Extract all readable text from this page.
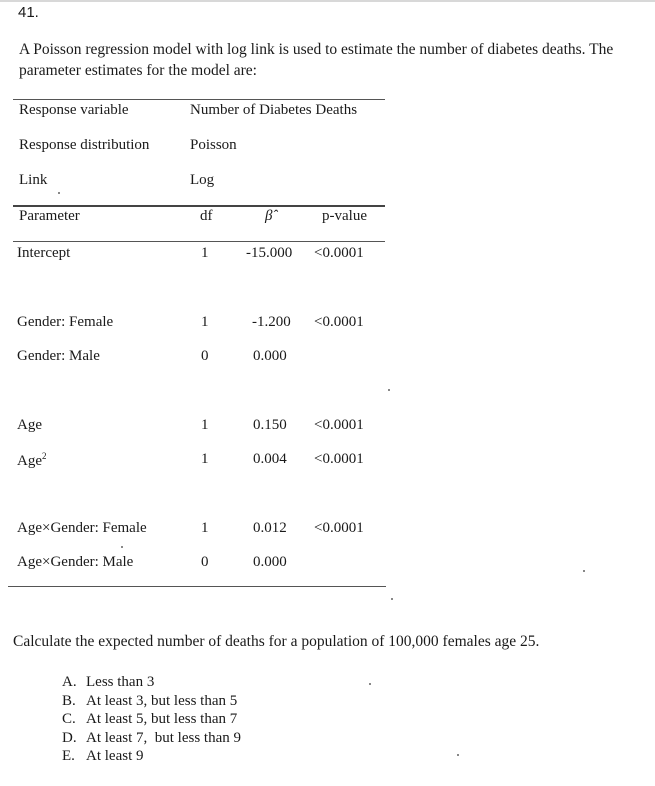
41.
A Poisson regression model with log link is used to estimate the number of diabetes deaths. The parameter estimates for the model are:
Response variable	Number of Diabetes Deaths
Response distribution	Poisson
Link	Log
Parameter	df	β̂	p-value
Intercept	1	-15.000 <0.0001
Gender: Female	1	-1.200 <0.0001
Gender: Male	0	0.000
Age	1	0.150 <0.0001
Age$^2$	1	0.004 <0.0001
Age×Gender: Female	1	0.012 <0.0001
Age×Gender: Male	0	0.000
Calculate the expected number of deaths for a population of 100,000 females age 25.
A. Less than 3
B. At least 3, but less than 5
C. At least 5, but less than 7
D. At least 7,  but less than 9
E. At least 9
